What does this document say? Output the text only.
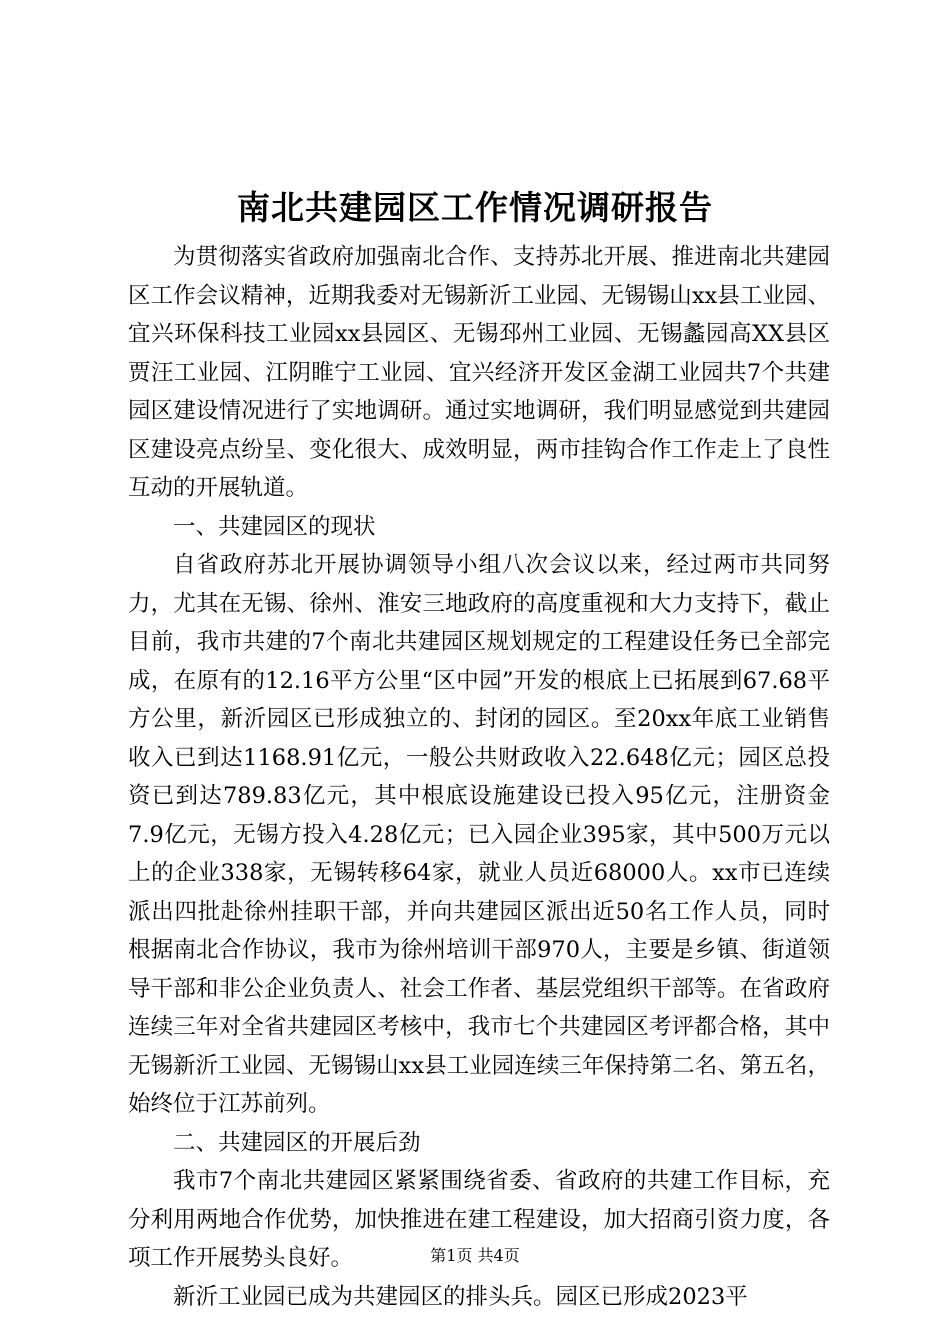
南北共建园区工作情况调研报告

为贯彻落实省政府加强南北合作、支持苏北开展、推进南北共建园区工作会议精神，近期我委对无锡新沂工业园、无锡锡山xx县工业园、宜兴环保科技工业园xx县园区、无锡邳州工业园、无锡蠡园高XX县区贾汪工业园、江阴睢宁工业园、宜兴经济开发区金湖工业园共7个共建园区建设情况进行了实地调研。通过实地调研，我们明显感觉到共建园区建设亮点纷呈、变化很大、成效明显，两市挂钩合作工作走上了良性互动的开展轨道。

一、共建园区的现状

自省政府苏北开展协调领导小组八次会议以来，经过两市共同努力，尤其在无锡、徐州、淮安三地政府的高度重视和大力支持下，截止目前，我市共建的7个南北共建园区规划规定的工程建设任务已全部完成，在原有的12.16平方公里“区中园”开发的根底上已拓展到67.68平方公里，新沂园区已形成独立的、封闭的园区。至20xx年底工业销售收入已到达1168.91亿元，一般公共财政收入22.648亿元；园区总投资已到达789.83亿元，其中根底设施建设已投入95亿元，注册资金7.9亿元，无锡方投入4.28亿元；已入园企业395家，其中500万元以上的企业338家，无锡转移64家，就业人员近68000人。xx市已连续派出四批赴徐州挂职干部，并向共建园区派出近50名工作人员，同时根据南北合作协议，我市为徐州培训干部970人，主要是乡镇、街道领导干部和非公企业负责人、社会工作者、基层党组织干部等。在省政府连续三年对全省共建园区考核中，我市七个共建园区考评都合格，其中无锡新沂工业园、无锡锡山xx县工业园连续三年保持第二名、第五名，始终位于江苏前列。

二、共建园区的开展后劲

我市7个南北共建园区紧紧围绕省委、省政府的共建工作目标，充分利用两地合作优势，加快推进在建工程建设，加大招商引资力度，各项工作开展势头良好。

新沂工业园已成为共建园区的排头兵。园区已形成2023平

第1页 共4页
